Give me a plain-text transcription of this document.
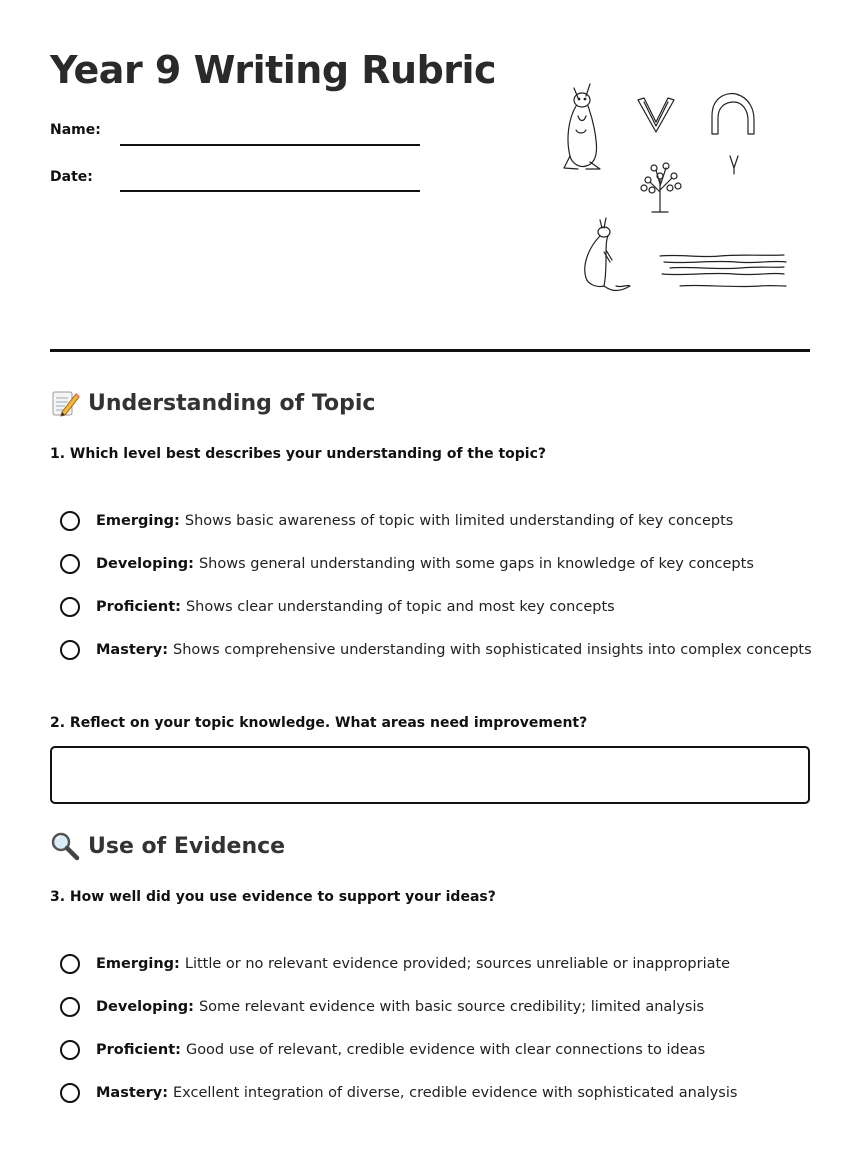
Year 9 Writing Rubric
Name:
Date:
Understanding of Topic
1. Which level best describes your understanding of the topic?
Emerging: Shows basic awareness of topic with limited understanding of key concepts
Developing: Shows general understanding with some gaps in knowledge of key concepts
Proficient: Shows clear understanding of topic and most key concepts
Mastery: Shows comprehensive understanding with sophisticated insights into complex concepts
2. Reflect on your topic knowledge. What areas need improvement?
Use of Evidence
3. How well did you use evidence to support your ideas?
Emerging: Little or no relevant evidence provided; sources unreliable or inappropriate
Developing: Some relevant evidence with basic source credibility; limited analysis
Proficient: Good use of relevant, credible evidence with clear connections to ideas
Mastery: Excellent integration of diverse, credible evidence with sophisticated analysis
